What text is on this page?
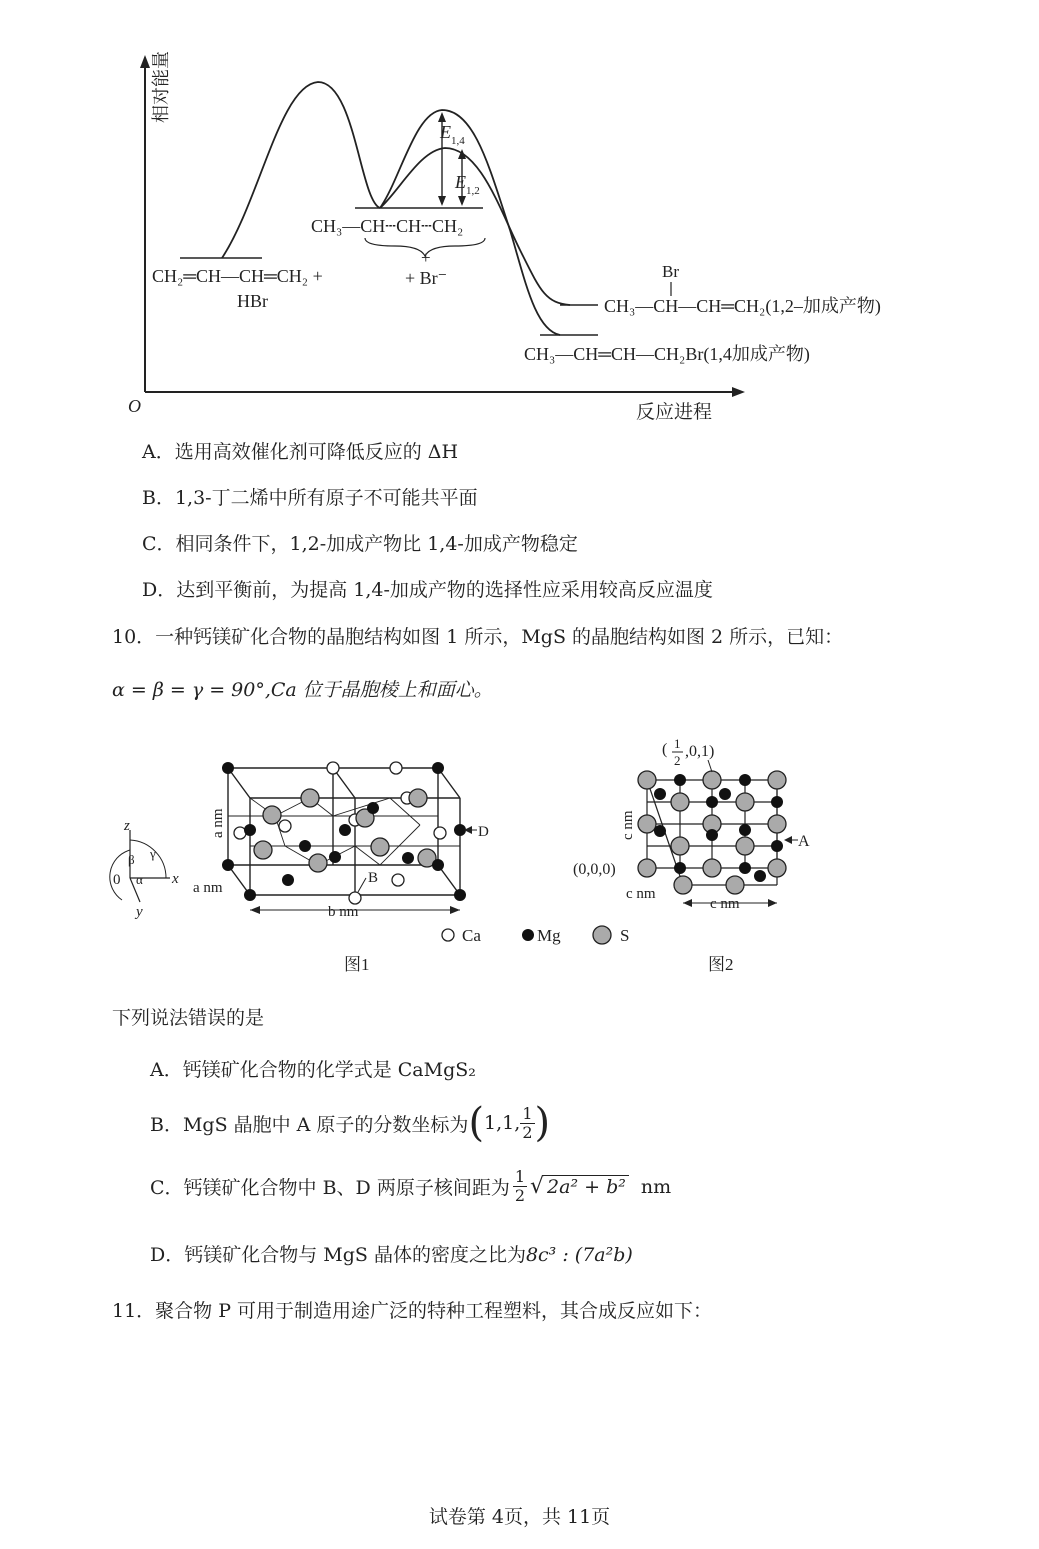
相对能量
反应进程
O
$E_{1,4}$
$E_{1,2}$
CH₂═CH—CH═CH₂ +
HBr
CH₃—CH┄CH┄CH₂
+
+ Br⁻	Br
CH₃—CH—CH═CH₂(1,2–加成产物)
CH₃—CH═CH—CH₂Br(1,4加成产物)
A．选用高效催化剂可降低反应的 ΔH
B．1,3-丁二烯中所有原子不可能共平面
C．相同条件下，1,2-加成产物比 1,4-加成产物稳定
D．达到平衡前，为提高 1,4-加成产物的选择性应采用较高反应温度
10．一种钙镁矿化合物的晶胞结构如图 1 所示，MgS 的晶胞结构如图 2 所示，已知：
α = β = γ = 90°,Ca 位于晶胞棱上和面心。
z
x
y
0
β γ
α
a nm
a nm
b nm
B
D
图1
( 1
2
,0,1)
(0,0,0)
c nm
c nm
c nm
A
图2
Ca	Mg	S
下列说法错误的是
A．钙镁矿化合物的化学式是 CaMgS₂
B．MgS 晶胞中 A 原子的分数坐标为 ( 1,1, $\frac{1}{2}$ )
C．钙镁矿化合物中 B、D 两原子核间距为 $\frac{1}{2}$ √ 2a² + b² nm
D．钙镁矿化合物与 MgS 晶体的密度之比为8c³ : (7a²b)
11．聚合物 P 可用于制造用途广泛的特种工程塑料，其合成反应如下：
试卷第 4页，共 11页
